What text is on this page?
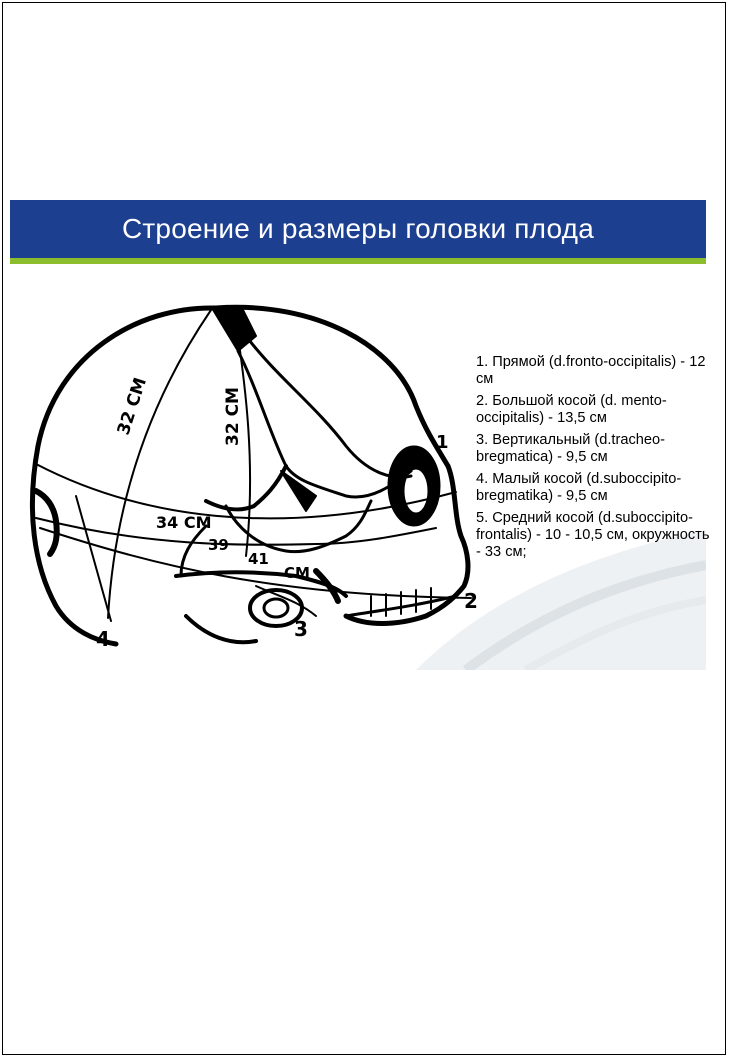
Строение и размеры головки плода
32 CM	32 CM
34 CM
39
41
CM
1
2
3
4
1. Прямой (d.fronto-occipitalis) - 12 см
2. Большой косой (d. mento-occipitalis) - 13,5 см
3. Вертикальный (d.tracheo-bregmatica) - 9,5 см
4. Малый косой (d.suboccipito-bregmatika) - 9,5 см
5. Средний косой (d.suboccipito-frontalis) - 10 - 10,5 см, окружность - 33 см;
